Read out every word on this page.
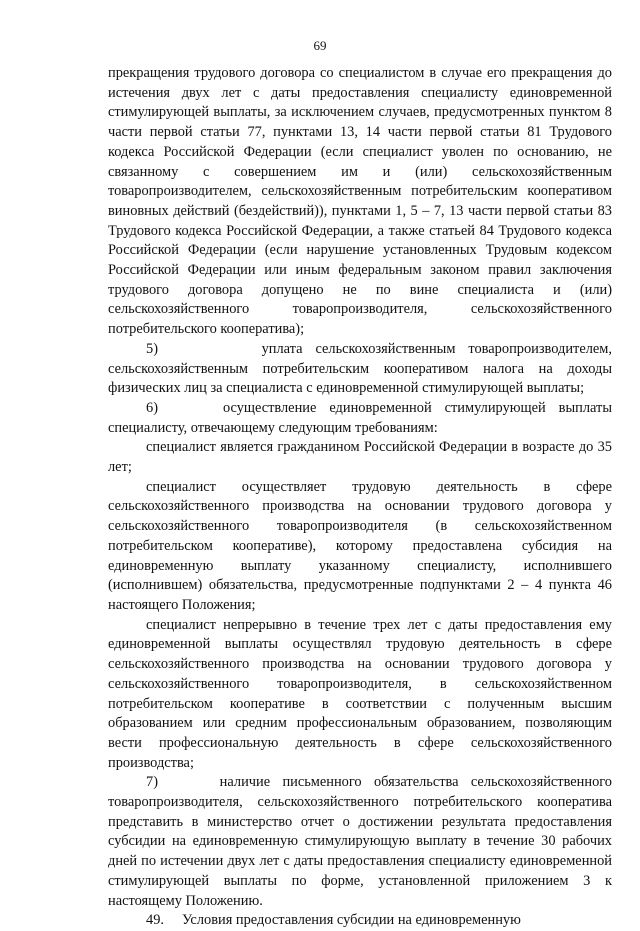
69

прекращения трудового договора со специалистом в случае его прекращения до истечения двух лет с даты предоставления специалисту единовременной стимулирующей выплаты, за исключением случаев, предусмотренных пунктом 8 части первой статьи 77, пунктами 13, 14 части первой статьи 81 Трудового кодекса Российской Федерации (если специалист уволен по основанию, не связанному с совершением им и (или) сельскохозяйственным товаропроизводителем, сельскохозяйственным потребительским кооперативом виновных действий (бездействий)), пунктами 1, 5 – 7, 13 части первой статьи 83 Трудового кодекса Российской Федерации, а также статьей 84 Трудового кодекса Российской Федерации (если нарушение установленных Трудовым кодексом Российской Федерации или иным федеральным законом правил заключения трудового договора допущено не по вине специалиста и (или) сельскохозяйственного товаропроизводителя, сельскохозяйственного потребительского кооператива);

5)        уплата сельскохозяйственным товаропроизводителем, сельскохозяйственным потребительским кооперативом налога на доходы физических лиц за специалиста с единовременной стимулирующей выплаты;

6)     осуществление единовременной стимулирующей выплаты специалисту, отвечающему следующим требованиям:

специалист является гражданином Российской Федерации в возрасте до 35 лет;

специалист осуществляет трудовую деятельность в сфере сельскохозяйственного производства на основании трудового договора у сельскохозяйственного товаропроизводителя (в сельскохозяйственном потребительском кооперативе), которому предоставлена субсидия на единовременную выплату указанному специалисту, исполнившего (исполнившем) обязательства, предусмотренные подпунктами 2 – 4 пункта 46 настоящего Положения;

специалист непрерывно в течение трех лет с даты предоставления ему единовременной выплаты осуществлял трудовую деятельность в сфере сельскохозяйственного производства на основании трудового договора у сельскохозяйственного товаропроизводителя, в сельскохозяйственном потребительском кооперативе в соответствии с полученным высшим образованием или средним профессиональным образованием, позволяющим вести профессиональную деятельность в сфере сельскохозяйственного производства;

7)     наличие письменного обязательства сельскохозяйственного товаропроизводителя, сельскохозяйственного потребительского кооператива представить в министерство отчет о достижении результата предоставления субсидии на единовременную стимулирующую выплату в течение 30 рабочих дней по истечении двух лет с даты предоставления специалисту единовременной стимулирующей выплаты по форме, установленной приложением 3 к настоящему Положению.

49.     Условия предоставления субсидии на единовременную
